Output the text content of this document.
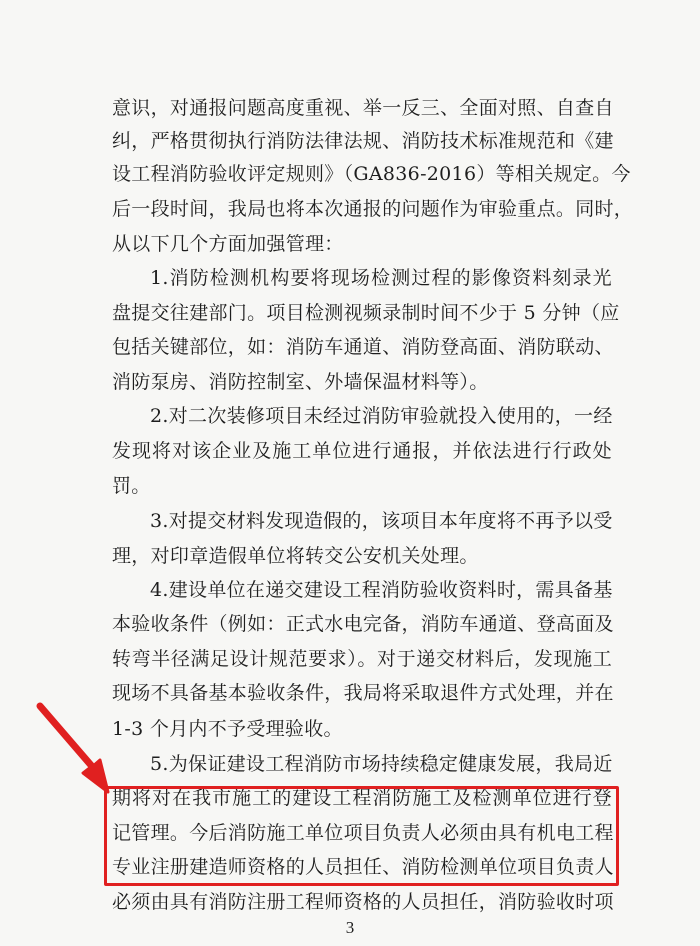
意识，对通报问题高度重视、举一反三、全面对照、自查自
纠，严格贯彻执行消防法律法规、消防技术标准规范和《建
设工程消防验收评定规则》（GA836-2016）等相关规定。今
后一段时间，我局也将本次通报的问题作为审验重点。同时，
从以下几个方面加强管理：
1.消防检测机构要将现场检测过程的影像资料刻录光
盘提交往建部门。项目检测视频录制时间不少于 5 分钟（应
包括关键部位，如：消防车通道、消防登高面、消防联动、
消防泵房、消防控制室、外墙保温材料等）。
2.对二次装修项目未经过消防审验就投入使用的，一经
发现将对该企业及施工单位进行通报，并依法进行行政处
罚。
3.对提交材料发现造假的，该项目本年度将不再予以受
理，对印章造假单位将转交公安机关处理。
4.建设单位在递交建设工程消防验收资料时，需具备基
本验收条件（例如：正式水电完备，消防车通道、登高面及
转弯半径满足设计规范要求）。对于递交材料后，发现施工
现场不具备基本验收条件，我局将采取退件方式处理，并在
1-3 个月内不予受理验收。
5.为保证建设工程消防市场持续稳定健康发展，我局近
期将对在我市施工的建设工程消防施工及检测单位进行登
记管理。今后消防施工单位项目负责人必须由具有机电工程
专业注册建造师资格的人员担任、消防检测单位项目负责人
必须由具有消防注册工程师资格的人员担任，消防验收时项
3
